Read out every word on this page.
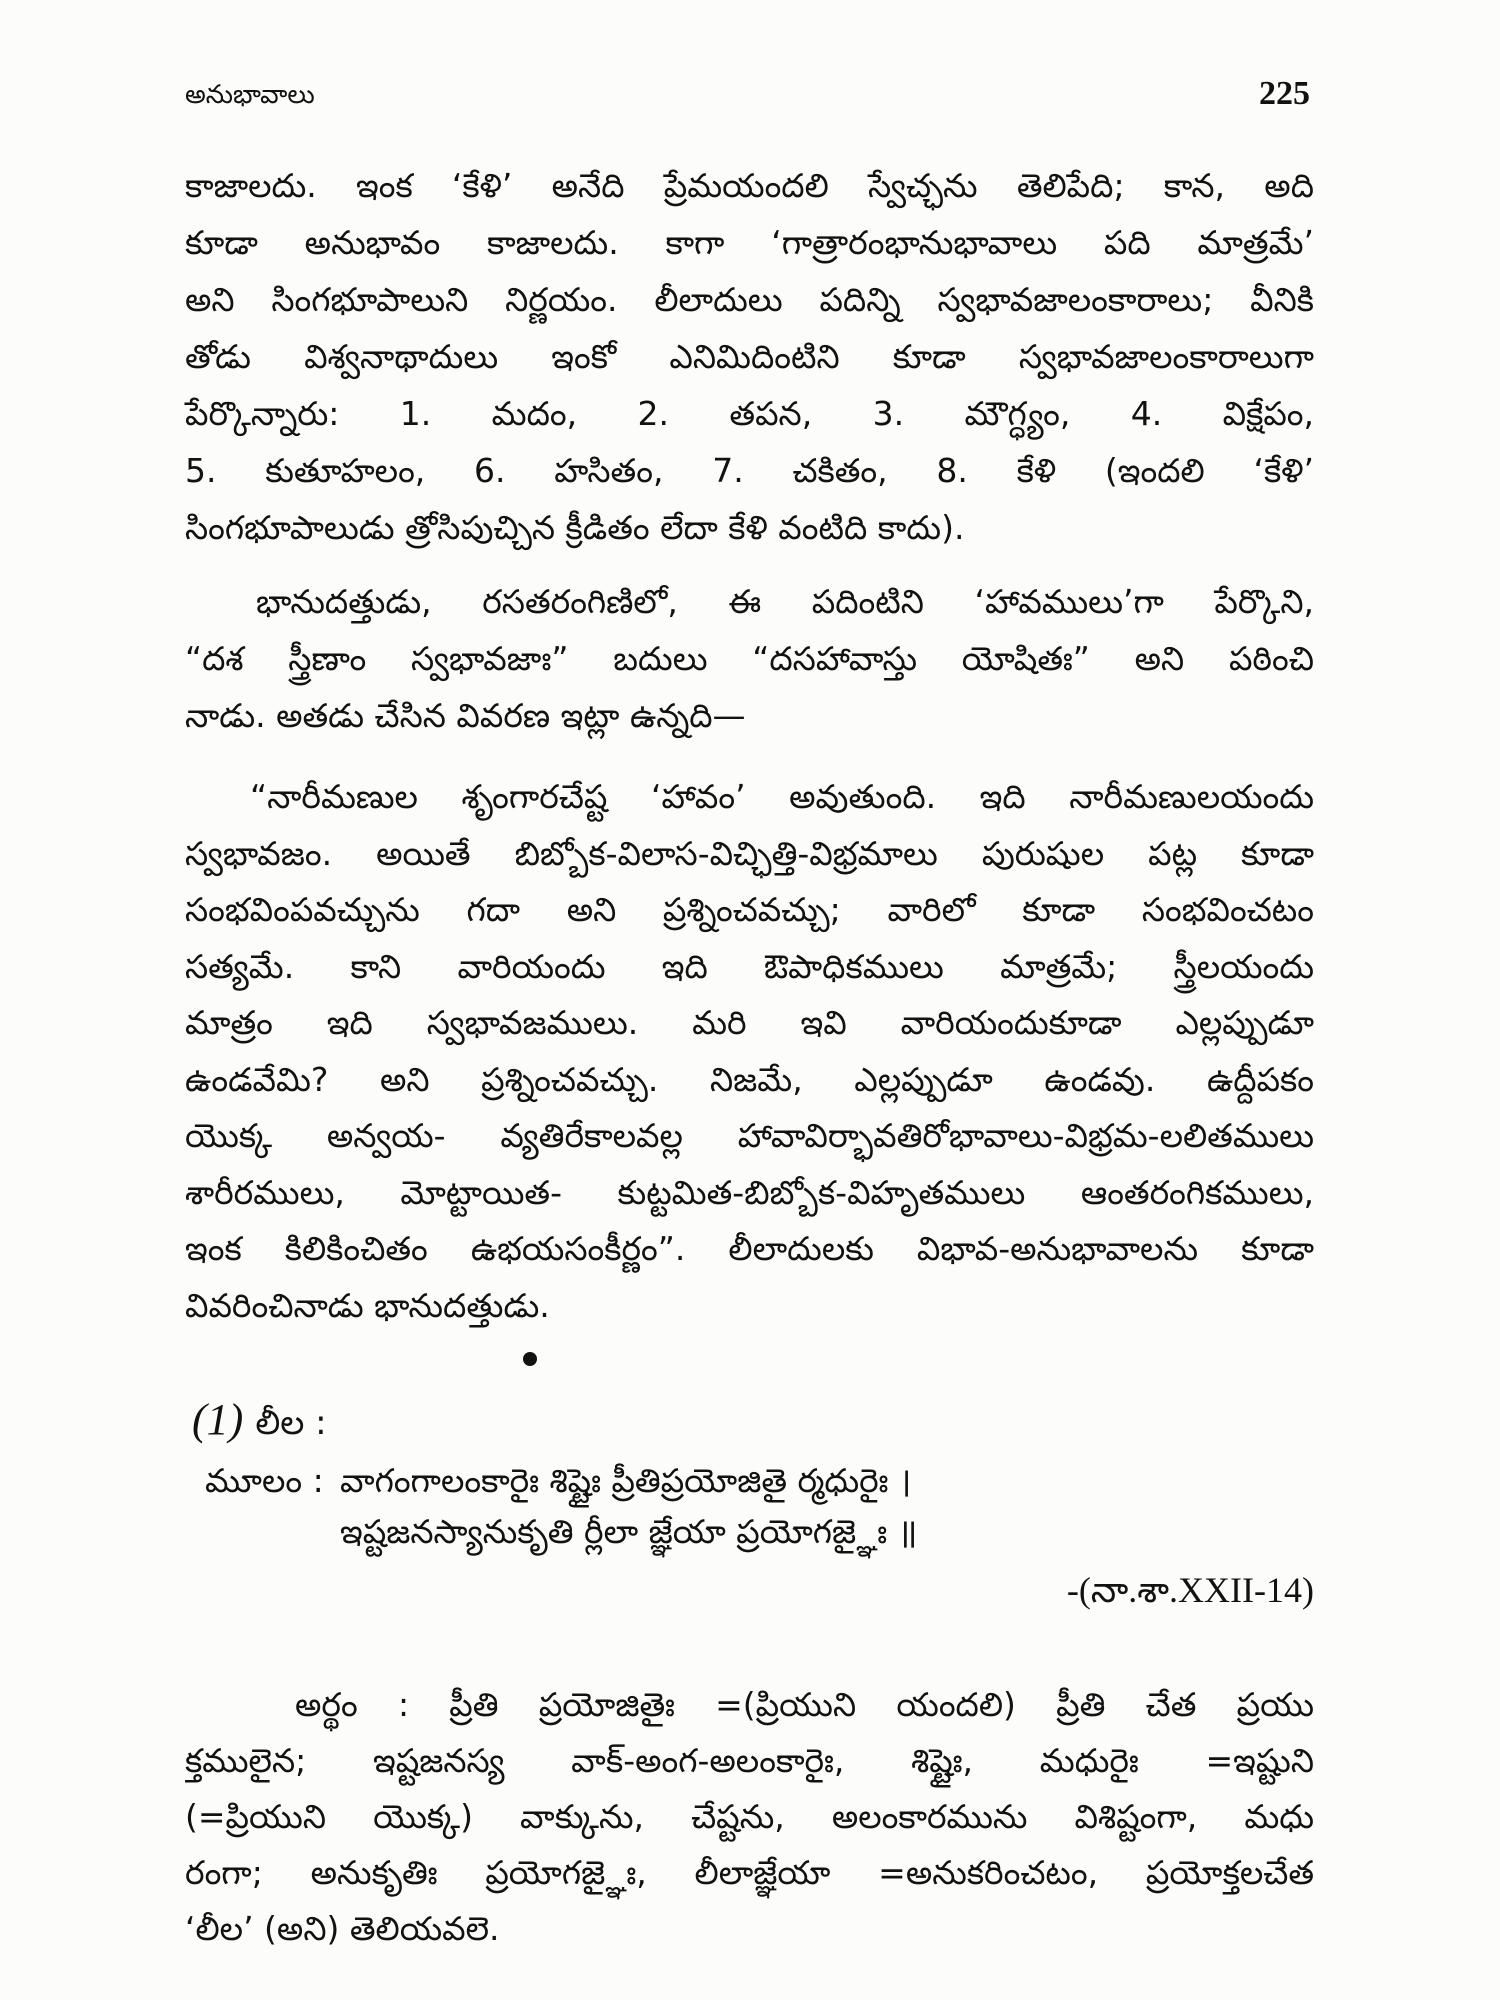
అనుభావాలు	225
కాజాలదు. ఇంక ‘కేళి’ అనేది ప్రేమయందలి స్వేచ్ఛను తెలిపేది; కాన, అది
కూడా అనుభావం కాజాలదు. కాగా ‘గాత్రారంభానుభావాలు పది మాత్రమే’
అని సింగభూపాలుని నిర్ణయం. లీలాదులు పదిన్ని స్వభావజాలంకారాలు; వీనికి
తోడు విశ్వనాథాదులు ఇంకో ఎనిమిదింటిని కూడా స్వభావజాలంకారాలుగా
పేర్కొన్నారు: 1. మదం, 2. తపన, 3. మౌగ్ధ్యం, 4. విక్షేపం,
5. కుతూహలం, 6. హసితం, 7. చకితం, 8. కేళి (ఇందలి ‘కేళి’
సింగభూపాలుడు త్రోసిపుచ్చిన క్రీడితం లేదా కేళి వంటిది కాదు).
భానుదత్తుడు, రసతరంగిణిలో, ఈ పదింటిని ‘హావములు’గా పేర్కొని,
“దశ స్త్రీణాం స్వభావజాః” బదులు “దసహావాస్తు యోషితః” అని పఠించి
నాడు. అతడు చేసిన వివరణ ఇట్లా ఉన్నది—
“నారీమణుల శృంగారచేష్ట ‘హావం’ అవుతుంది. ఇది నారీమణులయందు
స్వభావజం. అయితే బిబ్బోక-విలాస-విచ్ఛిత్తి-విభ్రమాలు పురుషుల పట్ల కూడా
సంభవింపవచ్చును గదా అని ప్రశ్నించవచ్చు; వారిలో కూడా సంభవించటం
సత్యమే. కాని వారియందు ఇది ఔపాధికములు మాత్రమే; స్త్రీలయందు
మాత్రం ఇది స్వభావజములు. మరి ఇవి వారియందుకూడా ఎల్లప్పుడూ
ఉండవేమి? అని ప్రశ్నించవచ్చు. నిజమే, ఎల్లప్పుడూ ఉండవు. ఉద్దీపకం
యొక్క అన్వయ- వ్యతిరేకాలవల్ల హావావిర్భావతిరోభావాలు-విభ్రమ-లలితములు
శారీరములు, మోట్టాయిత- కుట్టమిత-బిబ్బోక-విహృతములు ఆంతరంగికములు,
ఇంక కిలికించితం ఉభయసంకీర్ణం”. లీలాదులకు విభావ-అనుభావాలను కూడా
వివరించినాడు భానుదత్తుడు.
(1) లీల :
మూలం : వాగంగాలంకారైః శిష్టైః ప్రీతిప్రయోజితై ర్మధురైః ।
ఇష్టజనస్యానుకృతి ర్లీలా జ్ఞేయా ప్రయోగజ్ఞైః ॥
-(నా.శా.XXII-14)
అర్థం : ప్రీతి ప్రయోజితైః =(ప్రియుని యందలి) ప్రీతి చేత ప్రయు
క్తములైన; ఇష్టజనస్య వాక్-అంగ-అలంకారైః, శిష్టైః, మధురైః =ఇష్టుని
(=ప్రియుని యొక్క) వాక్కును, చేష్టను, అలంకారమును విశిష్టంగా, మధు
రంగా; అనుకృతిః ప్రయోగజ్ఞైః, లీలాజ్ఞేయా =అనుకరించటం, ప్రయోక్తలచేత
‘లీల’ (అని) తెలియవలె.
